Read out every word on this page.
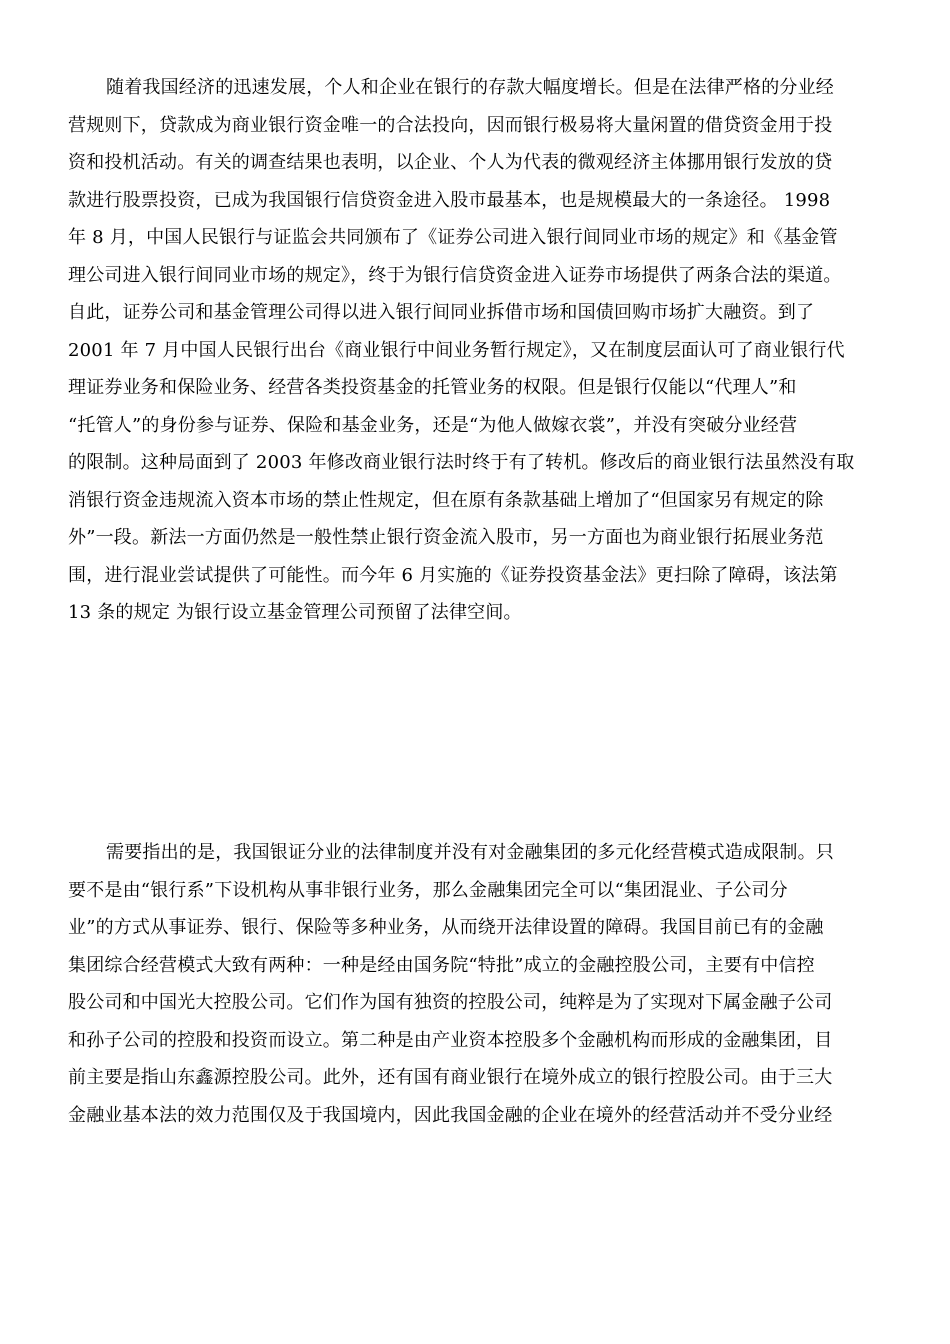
随着我国经济的迅速发展，个人和企业在银行的存款大幅度增长。但是在法律严格的分业经
营规则下，贷款成为商业银行资金唯一的合法投向，因而银行极易将大量闲置的借贷资金用于投
资和投机活动。有关的调查结果也表明，以企业、个人为代表的微观经济主体挪用银行发放的贷
款进行股票投资，已成为我国银行信贷资金进入股市最基本，也是规模最大的一条途径。 1998
年 8 月，中国人民银行与证监会共同颁布了《证券公司进入银行间同业市场的规定》和《基金管
理公司进入银行间同业市场的规定》，终于为银行信贷资金进入证券市场提供了两条合法的渠道。
自此，证券公司和基金管理公司得以进入银行间同业拆借市场和国债回购市场扩大融资。到了
2001 年 7 月中国人民银行出台《商业银行中间业务暂行规定》，又在制度层面认可了商业银行代
理证券业务和保险业务、经营各类投资基金的托管业务的权限。但是银行仅能以“代理人”和
“托管人”的身份参与证券、保险和基金业务，还是“为他人做嫁衣裳”，并没有突破分业经营
的限制。这种局面到了 2003 年修改商业银行法时终于有了转机。修改后的商业银行法虽然没有取
消银行资金违规流入资本市场的禁止性规定，但在原有条款基础上增加了“但国家另有规定的除
外”一段。新法一方面仍然是一般性禁止银行资金流入股市，另一方面也为商业银行拓展业务范
围，进行混业尝试提供了可能性。而今年 6 月实施的《证券投资基金法》更扫除了障碍，该法第
13 条的规定 为银行设立基金管理公司预留了法律空间。
需要指出的是，我国银证分业的法律制度并没有对金融集团的多元化经营模式造成限制。只
要不是由“银行系”下设机构从事非银行业务，那么金融集团完全可以“集团混业、子公司分
业”的方式从事证券、银行、保险等多种业务，从而绕开法律设置的障碍。我国目前已有的金融
集团综合经营模式大致有两种：一种是经由国务院“特批”成立的金融控股公司，主要有中信控
股公司和中国光大控股公司。它们作为国有独资的控股公司，纯粹是为了实现对下属金融子公司
和孙子公司的控股和投资而设立。第二种是由产业资本控股多个金融机构而形成的金融集团，目
前主要是指山东鑫源控股公司。此外，还有国有商业银行在境外成立的银行控股公司。由于三大
金融业基本法的效力范围仅及于我国境内，因此我国金融的企业在境外的经营活动并不受分业经
